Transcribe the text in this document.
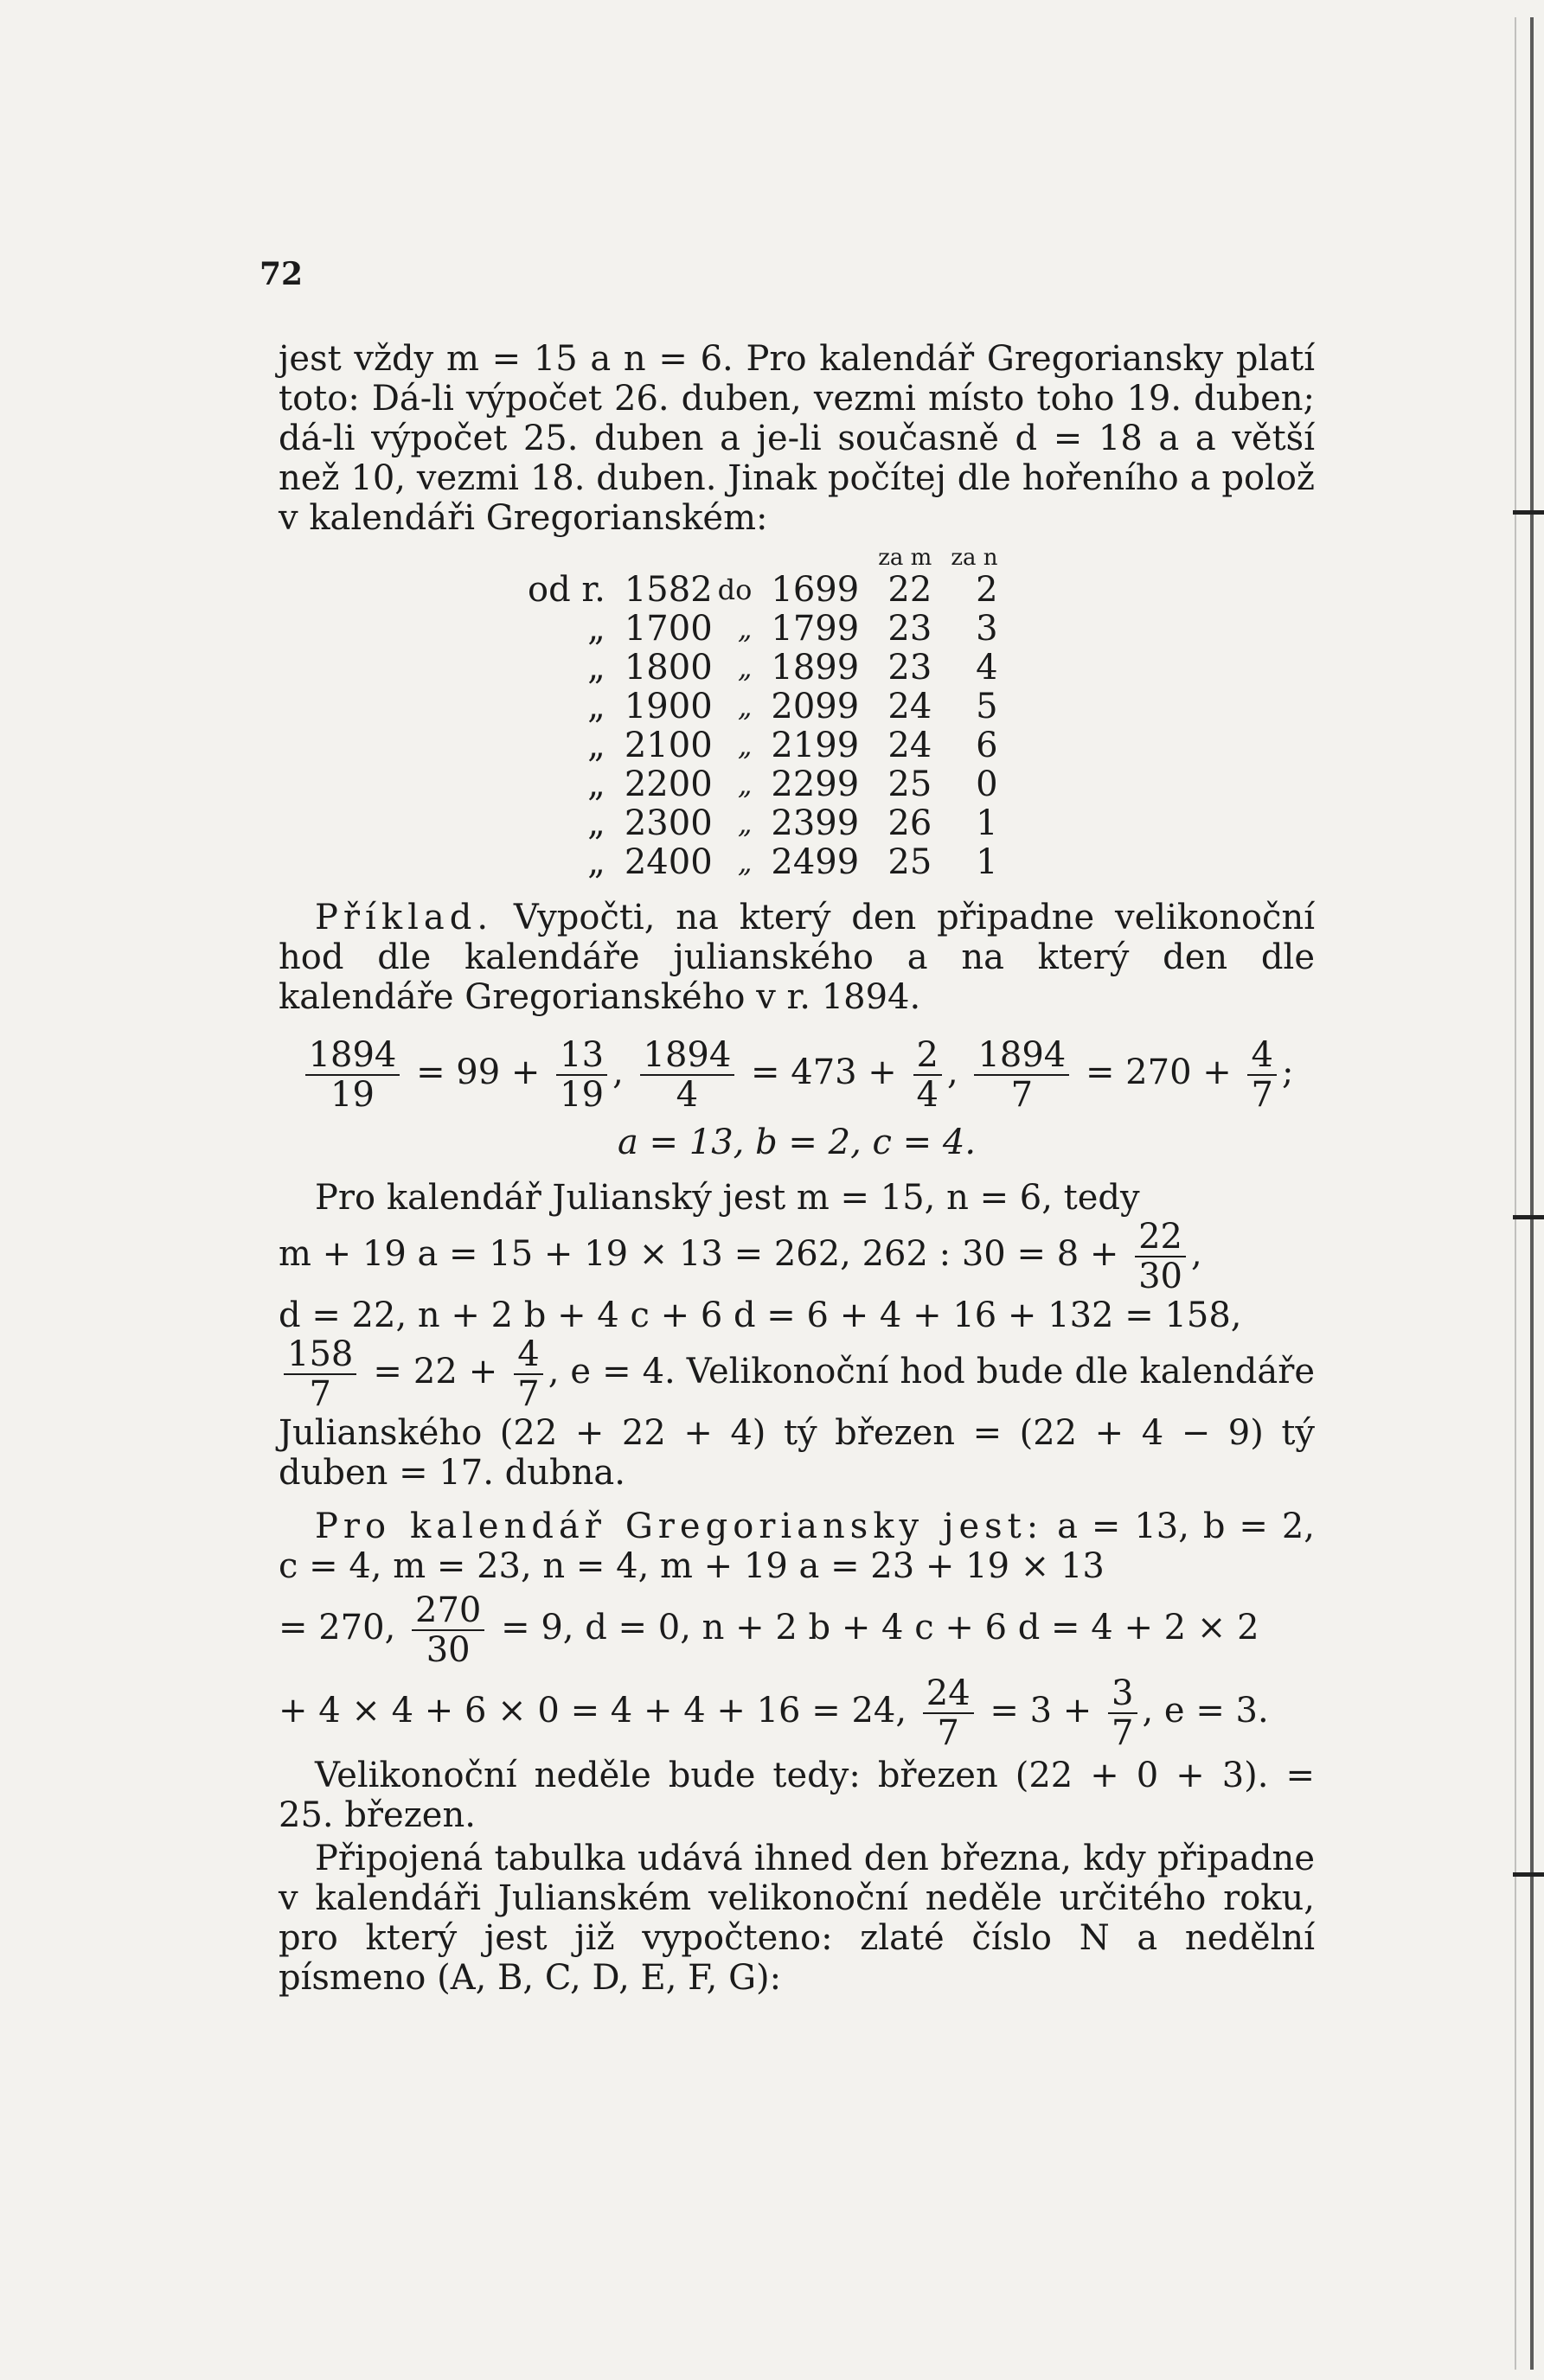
72

jest vždy m = 15 a n = 6. Pro kalendář Gregoriansky platí toto: Dá-li výpočet 26. duben, vezmi místo toho 19. duben; dá-li výpočet 25. duben a je-li současně d = 18 a a větší než 10, vezmi 18. duben. Jinak počítej dle hořeního a polož v kalendáři Gregorianském:

				za m	za n
od r.	1582	do	1699	22	2
„	1700	„	1799	23	3
„	1800	„	1899	23	4
„	1900	„	2099	24	5
„	2100	„	2199	24	6
„	2200	„	2299	25	0
„	2300	„	2399	26	1
„	2400	„	2499	25	1

Příklad. Vypočti, na který den připadne velikonoční hod dle kalendáře julianského a na který den dle kalendáře Gregorianského v r. 1894.

$\frac{1894}{19} = 99 + \frac{13}{19}$ , $\frac{1894}{4} = 473 + \frac{2}{4}$ , $\frac{1894}{7} = 270 + \frac{4}{7}$ ;
a = 13, b = 2, c = 4.

Pro kalendář Julianský jest m = 15, n = 6, tedy

m + 19 a = 15 + 19 × 13 = 262, 262 : $30 = 8 + \frac{22}{30}$ ,
d = 22, n + 2 b + 4 c + 6 d = 6 + 4 + 16 + 132 = 158,

$\frac{158}{7} = 22 + \frac{4}{7}$ , e = 4. Velikonoční hod bude dle kalendáře Julianského (22 + 22 + 4) tý březen = (22 + 4 − 9) tý duben = 17. dubna.

Pro kalendář Gregoriansky jest: a = 13, b = 2, c = 4, m = 23, n = 4, m + 19 a = 23 + 19 × 13

= 270, $\frac{270}{30} = 9$, d = 0, n + 2 b + 4 c + 6 d = 4 + 2 × 2
+ 4 × 4 + 6 × 0 = 4 + 4 + 16 = 24, $\frac{24}{7} = 3 + \frac{3}{7}$ , e = 3.

Velikonoční neděle bude tedy: březen (22 + 0 + 3). = 25. březen.

Připojená tabulka udává ihned den března, kdy připadne v kalendáři Julianském velikonoční neděle určitého roku, pro který jest již vypočteno: zlaté číslo N a nedělní písmeno (A, B, C, D, E, F, G):
